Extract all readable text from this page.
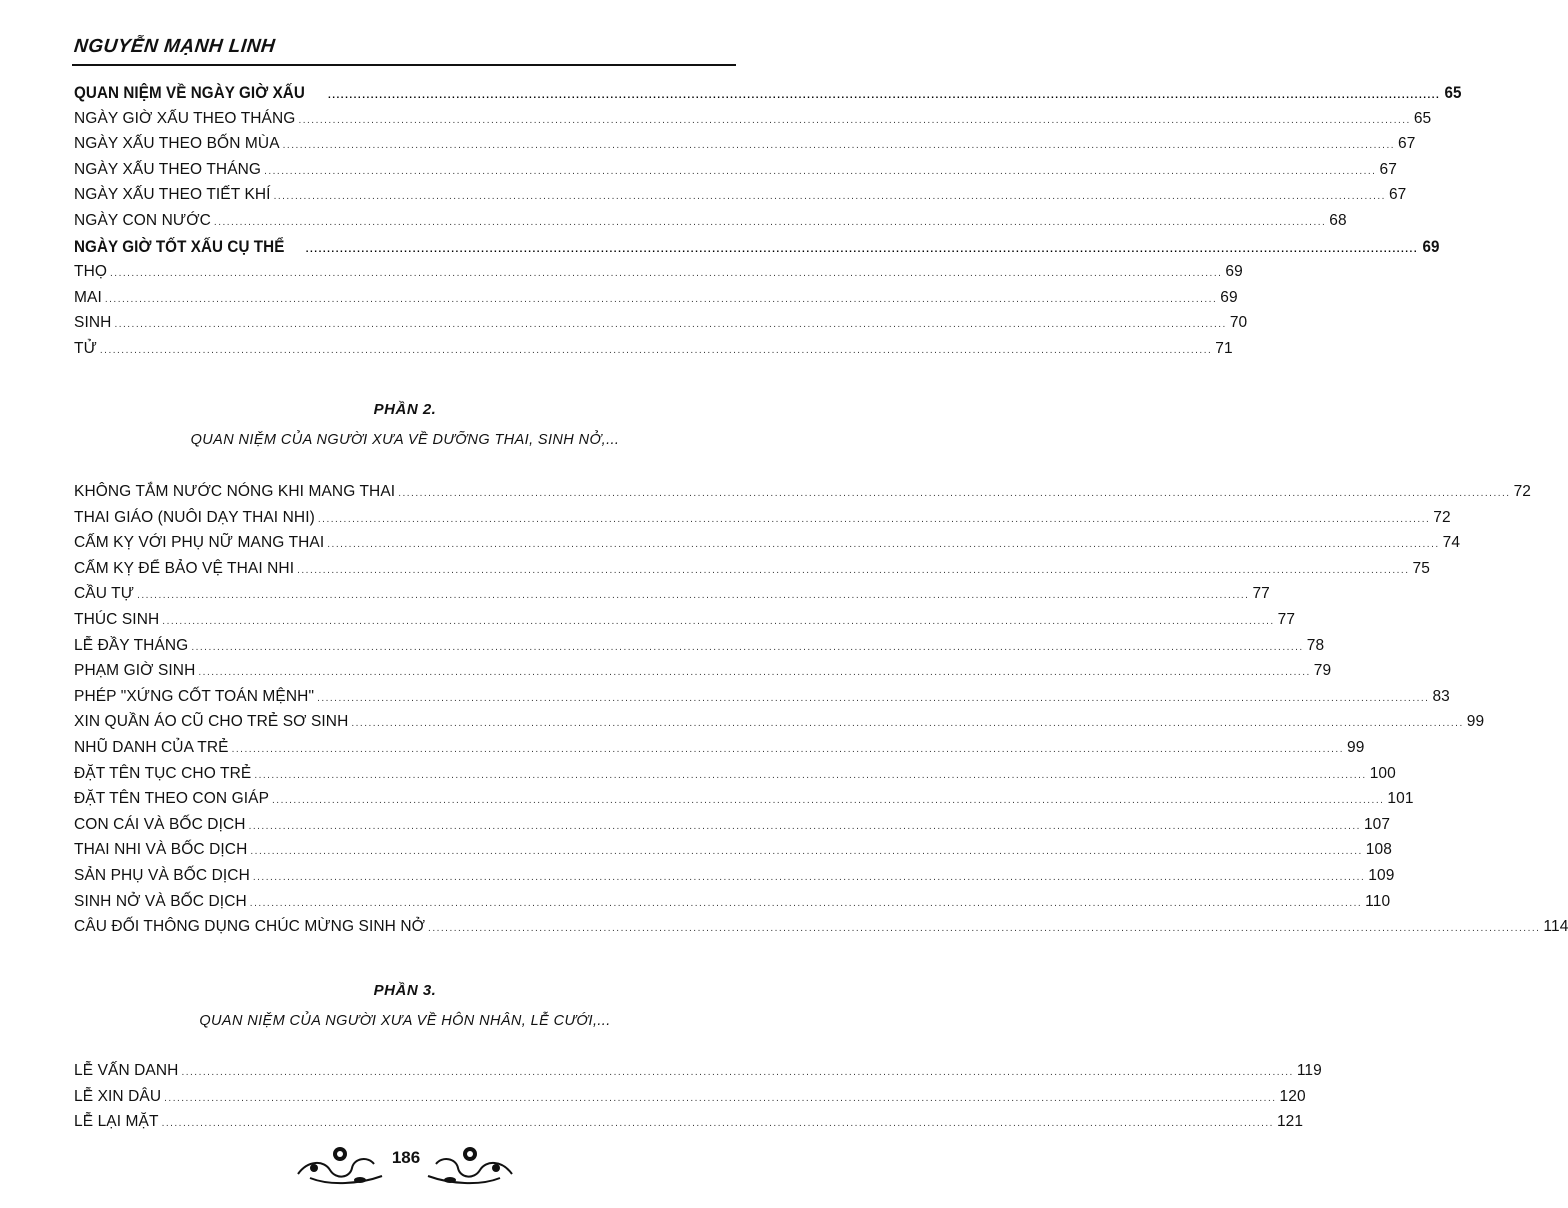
NGUYỄN MẠNH LINH
QUAN NIỆM VỀ NGÀY GIỜ XẤU .................................................................................................................................................................................................................................................................... 65
NGÀY GIỜ XẤU THEO THÁNG .................................................................................................................................................................................................................................................................... 65
NGÀY XẤU THEO BỐN MÙA .................................................................................................................................................................................................................................................................... 67
NGÀY XẤU THEO THÁNG .................................................................................................................................................................................................................................................................... 67
NGÀY XẤU THEO TIẾT KHÍ .................................................................................................................................................................................................................................................................... 67
NGÀY CON NƯỚC .................................................................................................................................................................................................................................................................... 68
NGÀY GIỜ TỐT XẤU CỤ THỂ .................................................................................................................................................................................................................................................................... 69
THỌ .................................................................................................................................................................................................................................................................... 69
MAI .................................................................................................................................................................................................................................................................... 69
SINH .................................................................................................................................................................................................................................................................... 70
TỬ .................................................................................................................................................................................................................................................................... 71
PHẦN 2.
QUAN NIỆM CỦA NGƯỜI XƯA VỀ DƯỠNG THAI, SINH NỞ,...
KHÔNG TẮM NƯỚC NÓNG KHI MANG THAI .................................................................................................................................................................................................................................................................... 72
THAI GIÁO (NUÔI DẠY THAI NHI) .................................................................................................................................................................................................................................................................... 72
CẤM KỴ VỚI PHỤ NỮ MANG THAI .................................................................................................................................................................................................................................................................... 74
CẤM KỴ ĐỂ BẢO VỆ THAI NHI .................................................................................................................................................................................................................................................................... 75
CẦU TỰ .................................................................................................................................................................................................................................................................... 77
THÚC SINH .................................................................................................................................................................................................................................................................... 77
LỄ ĐẦY THÁNG .................................................................................................................................................................................................................................................................... 78
PHẠM GIỜ SINH .................................................................................................................................................................................................................................................................... 79
PHÉP "XỨNG CỐT TOÁN MỆNH" .................................................................................................................................................................................................................................................................... 83
XIN QUẦN ÁO CŨ CHO TRẺ SƠ SINH .................................................................................................................................................................................................................................................................... 99
NHŨ DANH CỦA TRẺ .................................................................................................................................................................................................................................................................... 99
ĐẶT TÊN TỤC CHO TRẺ .................................................................................................................................................................................................................................................................... 100
ĐẶT TÊN THEO CON GIÁP .................................................................................................................................................................................................................................................................... 101
CON CÁI VÀ BỐC DỊCH .................................................................................................................................................................................................................................................................... 107
THAI NHI VÀ BỐC DỊCH .................................................................................................................................................................................................................................................................... 108
SẢN PHỤ VÀ BỐC DỊCH .................................................................................................................................................................................................................................................................... 109
SINH NỞ VÀ BỐC DỊCH .................................................................................................................................................................................................................................................................... 110
CÂU ĐỐI THÔNG DỤNG CHÚC MỪNG SINH NỞ .................................................................................................................................................................................................................................................................... 114
PHẦN 3.
QUAN NIỆM CỦA NGƯỜI XƯA VỀ HÔN NHÂN, LỄ CƯỚI,...
LỄ VẤN DANH .................................................................................................................................................................................................................................................................... 119
LỄ XIN DÂU .................................................................................................................................................................................................................................................................... 120
LỄ LẠI MẶT .................................................................................................................................................................................................................................................................... 121
186
